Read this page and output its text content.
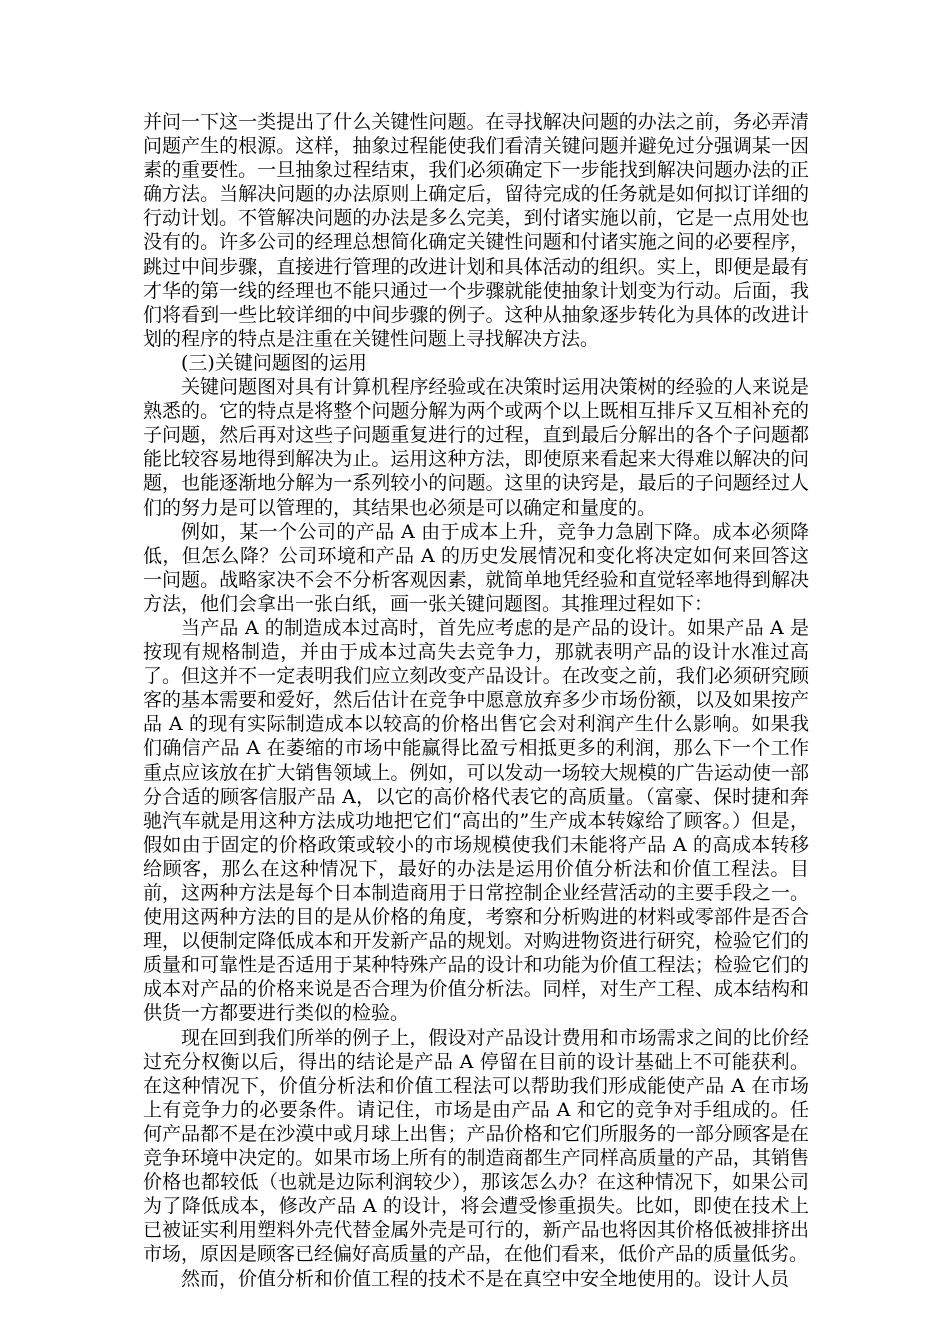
并问一下这一类提出了什么关键性问题。在寻找解决问题的办法之前，务必弄清问题产生的根源。这样，抽象过程能使我们看清关键问题并避免过分强调某一因素的重要性。一旦抽象过程结束，我们必须确定下一步能找到解决问题办法的正确方法。当解决问题的办法原则上确定后，留待完成的任务就是如何拟订详细的行动计划。不管解决问题的办法是多么完美，到付诸实施以前，它是一点用处也没有的。许多公司的经理总想简化确定关键性问题和付诸实施之间的必要程序，跳过中间步骤，直接进行管理的改进计划和具体活动的组织。实上，即便是最有才华的第一线的经理也不能只通过一个步骤就能使抽象计划变为行动。后面，我们将看到一些比较详细的中间步骤的例子。这种从抽象逐步转化为具体的改进计划的程序的特点是注重在关键性问题上寻找解决方法。

(三)关键问题图的运用

关键问题图对具有计算机程序经验或在决策时运用决策树的经验的人来说是熟悉的。它的特点是将整个问题分解为两个或两个以上既相互排斥又互相补充的子问题，然后再对这些子问题重复进行的过程，直到最后分解出的各个子问题都能比较容易地得到解决为止。运用这种方法，即使原来看起来大得难以解决的问题，也能逐渐地分解为一系列较小的问题。这里的诀窍是，最后的子问题经过人们的努力是可以管理的，其结果也必须是可以确定和量度的。

例如，某一个公司的产品 A 由于成本上升，竞争力急剧下降。成本必须降低，但怎么降？公司环境和产品 A 的历史发展情况和变化将决定如何来回答这一问题。战略家决不会不分析客观因素，就简单地凭经验和直觉轻率地得到解决方法，他们会拿出一张白纸，画一张关键问题图。其推理过程如下：

当产品 A 的制造成本过高时，首先应考虑的是产品的设计。如果产品 A 是按现有规格制造，并由于成本过高失去竞争力，那就表明产品的设计水准过高了。但这并不一定表明我们应立刻改变产品设计。在改变之前，我们必须研究顾客的基本需要和爱好，然后估计在竞争中愿意放弃多少市场份额，以及如果按产品 A 的现有实际制造成本以较高的价格出售它会对利润产生什么影响。如果我们确信产品 A 在萎缩的市场中能赢得比盈亏相抵更多的利润，那么下一个工作重点应该放在扩大销售领域上。例如，可以发动一场较大规模的广告运动使一部分合适的顾客信服产品 A，以它的高价格代表它的高质量。（富豪、保时捷和奔驰汽车就是用这种方法成功地把它们“高出的”生产成本转嫁给了顾客。）但是，假如由于固定的价格政策或较小的市场规模使我们未能将产品 A 的高成本转移给顾客，那么在这种情况下，最好的办法是运用价值分析法和价值工程法。目前，这两种方法是每个日本制造商用于日常控制企业经营活动的主要手段之一。使用这两种方法的目的是从价格的角度，考察和分析购进的材料或零部件是否合理，以便制定降低成本和开发新产品的规划。对购进物资进行研究，检验它们的质量和可靠性是否适用于某种特殊产品的设计和功能为价值工程法；检验它们的成本对产品的价格来说是否合理为价值分析法。同样，对生产工程、成本结构和供货一方都要进行类似的检验。

现在回到我们所举的例子上，假设对产品设计费用和市场需求之间的比价经过充分权衡以后，得出的结论是产品 A 停留在目前的设计基础上不可能获利。在这种情况下，价值分析法和价值工程法可以帮助我们形成能使产品 A 在市场上有竞争力的必要条件。请记住，市场是由产品 A 和它的竞争对手组成的。任何产品都不是在沙漠中或月球上出售；产品价格和它们所服务的一部分顾客是在竞争环境中决定的。如果市场上所有的制造商都生产同样高质量的产品，其销售价格也都较低（也就是边际利润较少），那该怎么办？在这种情况下，如果公司为了降低成本，修改产品 A 的设计，将会遭受惨重损失。比如，即使在技术上已被证实利用塑料外壳代替金属外壳是可行的，新产品也将因其价格低被排挤出市场，原因是顾客已经偏好高质量的产品，在他们看来，低价产品的质量低劣。

然而，价值分析和价值工程的技术不是在真空中安全地使用的。设计人员
